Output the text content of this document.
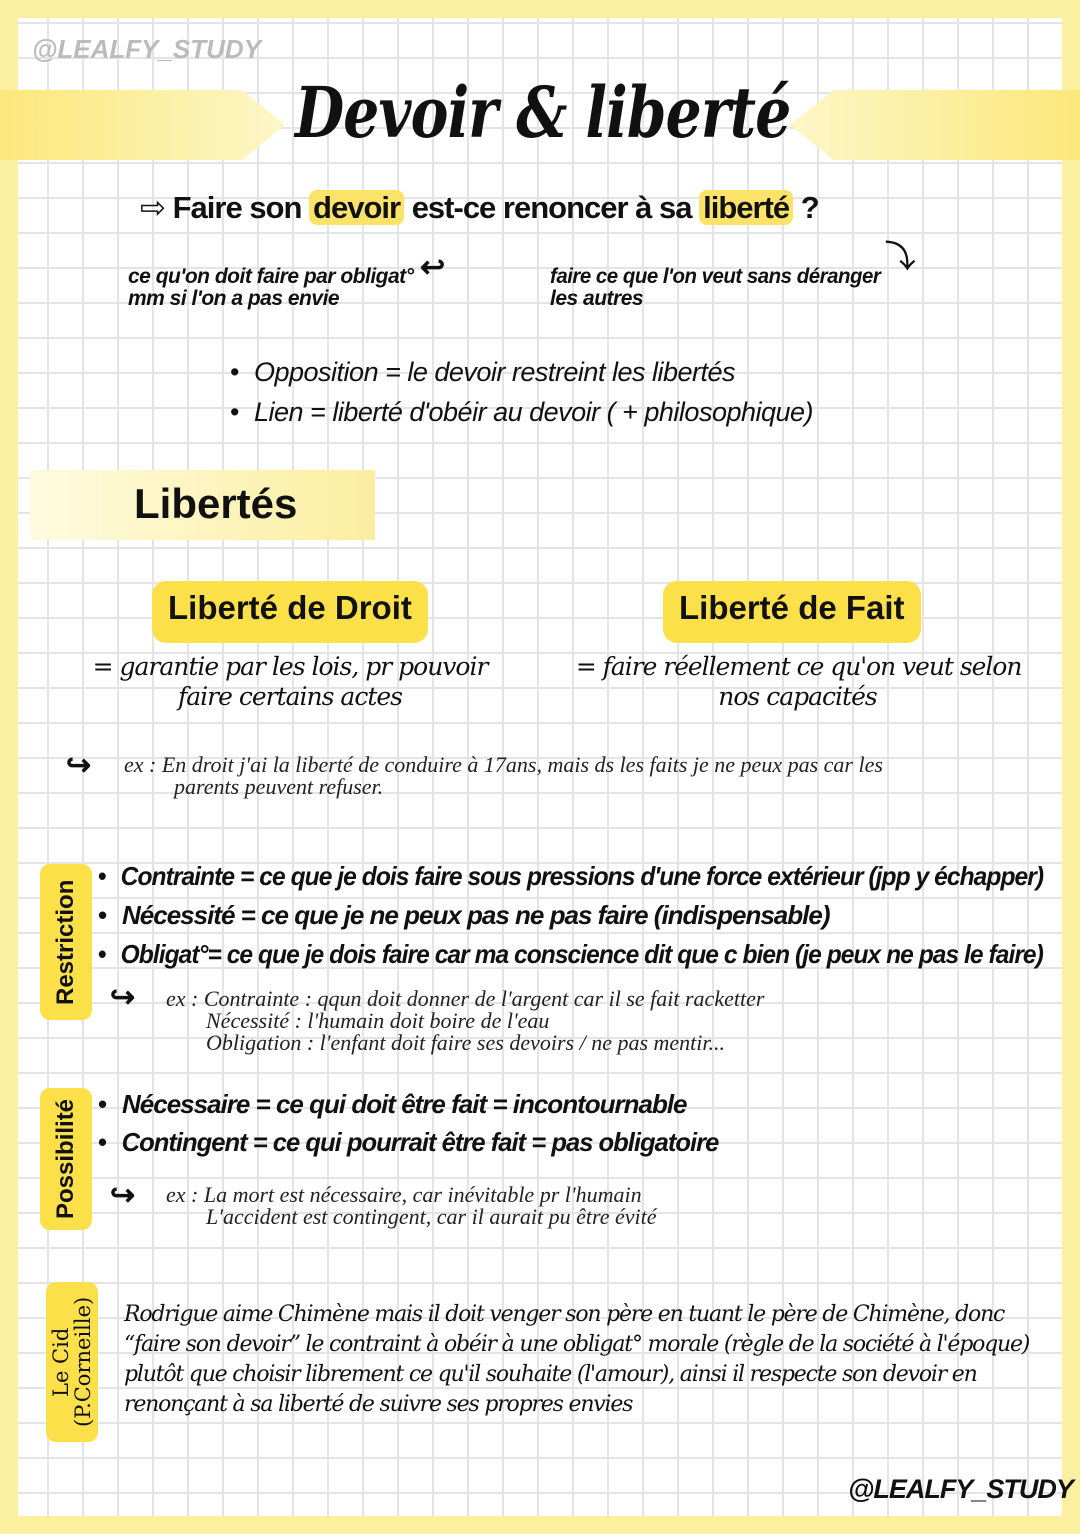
@LEALFY_STUDY
Devoir & liberté
⇨ Faire son devoir est-ce renoncer à sa liberté ?
ce qu'on doit faire par obligat°
mm si l'on a pas envie
↩	faire ce que l'on veut sans déranger
les autres
⤵
• Opposition = le devoir restreint les libertés
• Lien = liberté d'obéir au devoir ( + philosophique)
Libertés
Liberté de Droit	Liberté de Fait
= garantie par les lois, pr pouvoir
faire certains actes
= faire réellement ce qu'on veut selon
nos capacités
↪ ex : En droit j'ai la liberté de conduire à 17ans, mais ds les faits je ne peux pas car les
parents peuvent refuser.
Restriction
• Contrainte = ce que je dois faire sous pressions d'une force extérieur (jpp y échapper)
• Nécessité = ce que je ne peux pas ne pas faire (indispensable)
• Obligat°= ce que je dois faire car ma conscience dit que c bien (je peux ne pas le faire)
↪ ex : Contrainte : qqun doit donner de l'argent car il se fait racketter
Nécessité : l'humain doit boire de l'eau
Obligation : l'enfant doit faire ses devoirs / ne pas mentir...
Possibilité	• Nécessaire = ce qui doit être fait = incontournable
• Contingent = ce qui pourrait être fait = pas obligatoire
↪ ex : La mort est nécessaire, car inévitable pr l'humain
L'accident est contingent, car il aurait pu être évité
Le Cid
(P.Corneille) Rodrigue aime Chimène mais il doit venger son père en tuant le père de Chimène, donc
“faire son devoir” le contraint à obéir à une obligat° morale (règle de la société à l'époque)
plutôt que choisir librement ce qu'il souhaite (l'amour), ainsi il respecte son devoir en
renonçant à sa liberté de suivre ses propres envies
@LEALFY_STUDY
